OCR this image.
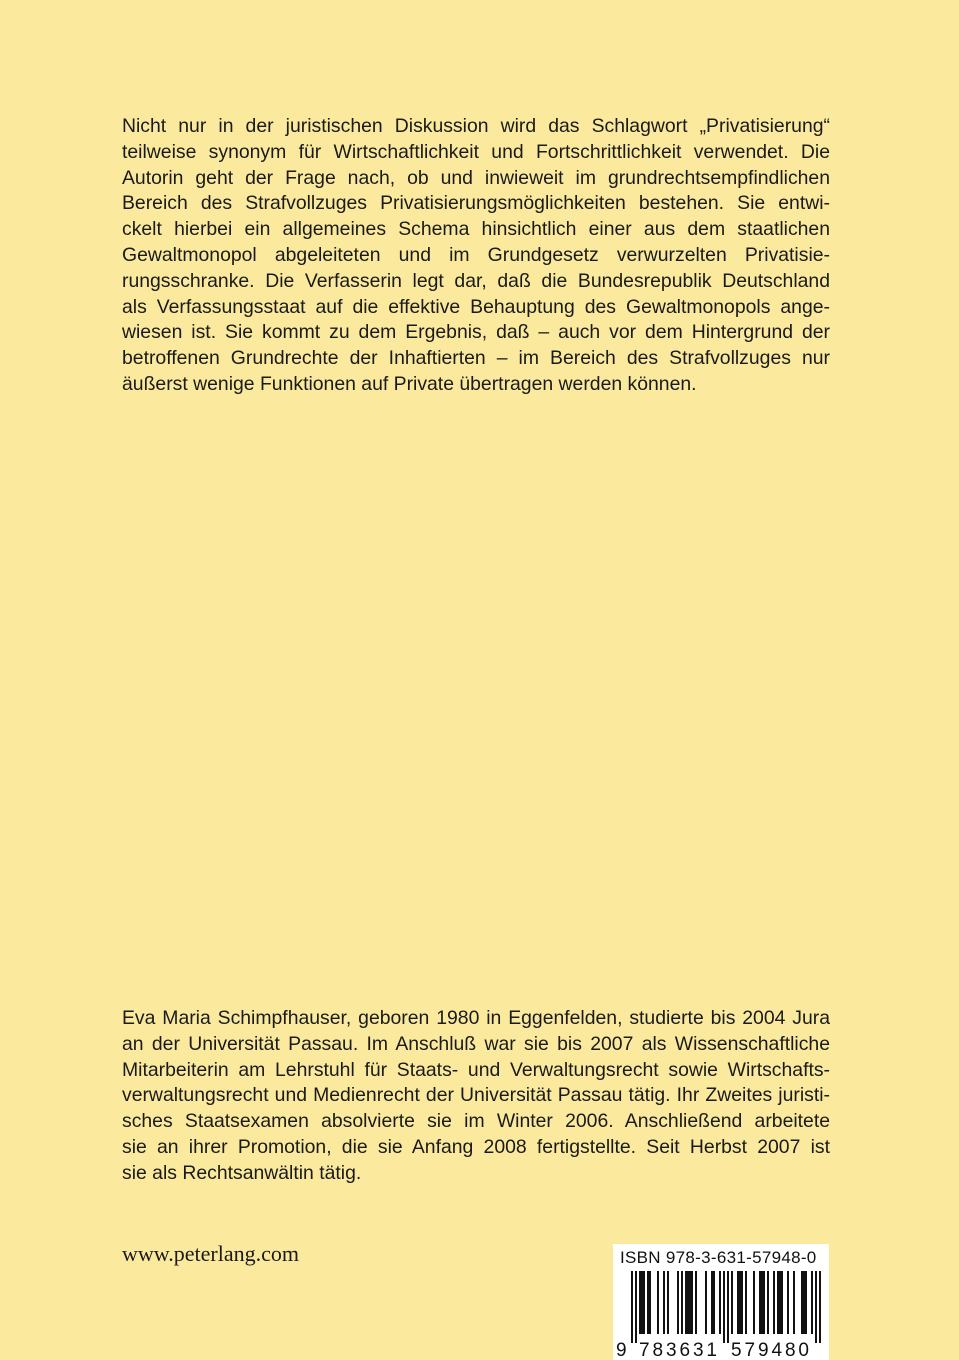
Nicht nur in der juristischen Diskussion wird das Schlagwort „Privatisierung“
teilweise synonym für Wirtschaftlichkeit und Fortschrittlichkeit verwendet. Die
Autorin geht der Frage nach, ob und inwieweit im grundrechtsempfindlichen
Bereich des Strafvollzuges Privatisierungsmöglichkeiten bestehen. Sie entwi-
ckelt hierbei ein allgemeines Schema hinsichtlich einer aus dem staatlichen
Gewaltmonopol abgeleiteten und im Grundgesetz verwurzelten Privatisie-
rungsschranke. Die Verfasserin legt dar, daß die Bundesrepublik Deutschland
als Verfassungsstaat auf die effektive Behauptung des Gewaltmonopols ange-
wiesen ist. Sie kommt zu dem Ergebnis, daß – auch vor dem Hintergrund der
betroffenen Grundrechte der Inhaftierten – im Bereich des Strafvollzuges nur
äußerst wenige Funktionen auf Private übertragen werden können.
Eva Maria Schimpfhauser, geboren 1980 in Eggenfelden, studierte bis 2004 Jura
an der Universität Passau. Im Anschluß war sie bis 2007 als Wissenschaftliche
Mitarbeiterin am Lehrstuhl für Staats- und Verwaltungsrecht sowie Wirtschafts-
verwaltungsrecht und Medienrecht der Universität Passau tätig. Ihr Zweites juristi-
sches Staatsexamen absolvierte sie im Winter 2006. Anschließend arbeitete
sie an ihrer Promotion, die sie Anfang 2008 fertigstellte. Seit Herbst 2007 ist
sie als Rechtsanwältin tätig.
www.peterlang.com	ISBN 978-3-631-57948-0
9 783631 579480
